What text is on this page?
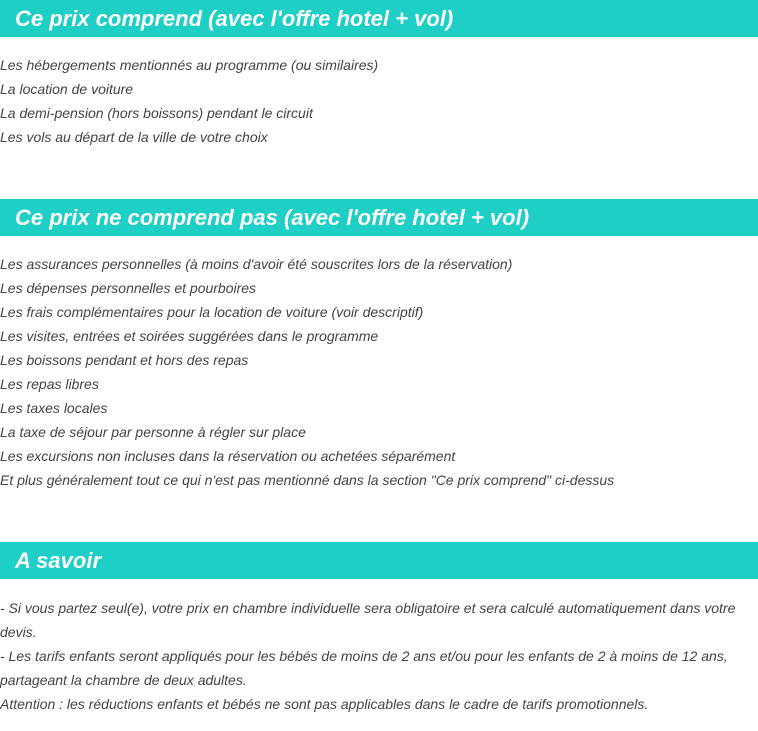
Ce prix comprend (avec l'offre hotel + vol)
Les hébergements mentionnés au programme (ou similaires)
La location de voiture
La demi-pension (hors boissons) pendant le circuit
Les vols au départ de la ville de votre choix
Ce prix ne comprend pas (avec l'offre hotel + vol)
Les assurances personnelles (à moins d'avoir été souscrites lors de la réservation)
Les dépenses personnelles et pourboires
Les frais complémentaires pour la location de voiture (voir descriptif)
Les visites, entrées et soirées suggérées dans le programme
Les boissons pendant et hors des repas
Les repas libres
Les taxes locales
La taxe de séjour par personne à régler sur place
Les excursions non incluses dans la réservation ou achetées séparément
Et plus généralement tout ce qui n'est pas mentionné dans la section "Ce prix comprend" ci-dessus
A savoir

- Si vous partez seul(e), votre prix en chambre individuelle sera obligatoire et sera calculé automatiquement dans votre devis.

- Les tarifs enfants seront appliqués pour les bébés de moins de 2 ans et/ou pour les enfants de 2 à moins de 12 ans, partageant la chambre de deux adultes.

Attention : les réductions enfants et bébés ne sont pas applicables dans le cadre de tarifs promotionnels.
